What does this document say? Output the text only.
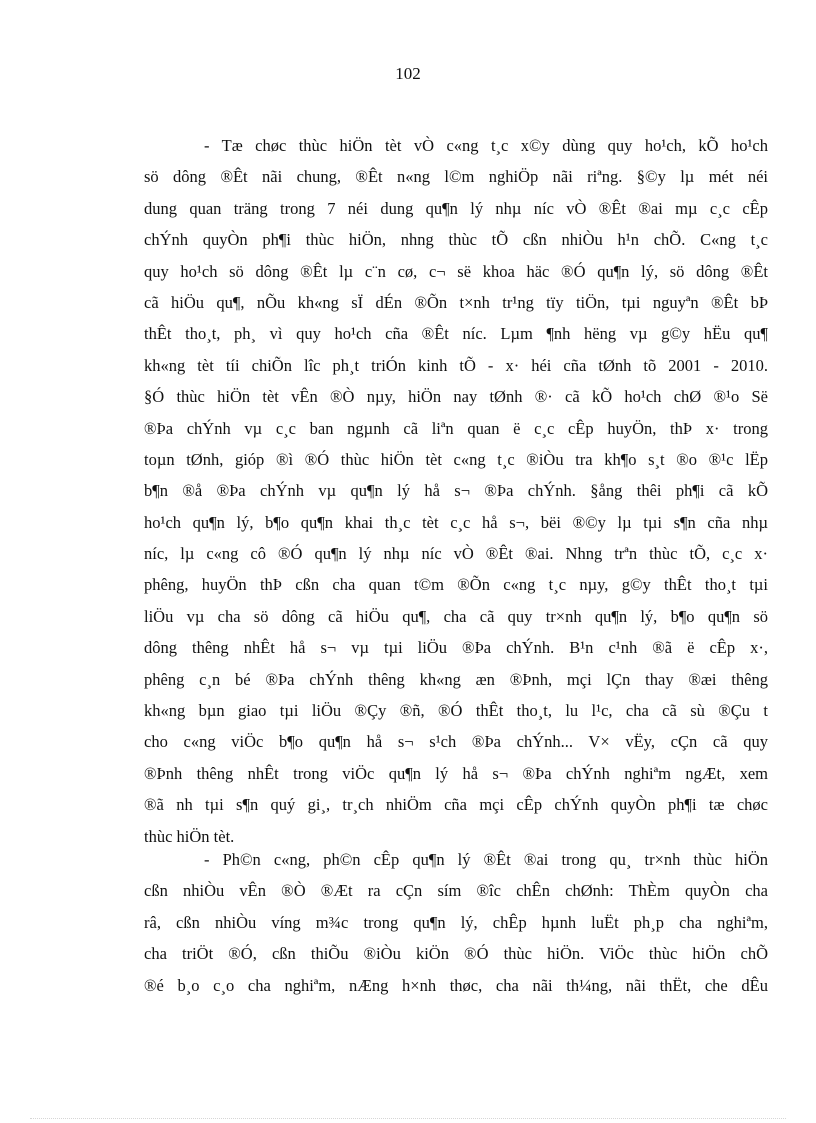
102
- Tæ chøc thùc hiÖn tèt vÒ c«ng t¸c x©y dùng quy ho¹ch, kÕ ho¹ch
sö dông ®Êt nãi chung, ®Êt n«ng l©m nghiÖp nãi riªng. §©y lµ mét néi
dung quan träng trong 7 néi dung qu¶n lý nhµ níc vÒ ®Êt ®ai mµ c¸c cÊp
chÝnh quyÒn ph¶i thùc hiÖn, nhng thùc tÕ cßn nhiÒu h¹n chÕ. C«ng t¸c
quy ho¹ch sö dông ®Êt lµ c¨n cø, c¬ së khoa häc ®Ó qu¶n lý, sö dông ®Êt
cã hiÖu qu¶, nÕu kh«ng sÏ dÉn ®Õn t×nh tr¹ng tïy tiÖn, tµi nguyªn ®Êt bÞ
thÊt tho¸t, ph¸ vì quy ho¹ch cña ®Êt níc. Lµm ¶nh hëng vµ g©y hËu qu¶
kh«ng tèt tíi chiÕn lîc ph¸t triÓn kinh tÕ - x· héi cña tØnh tõ 2001 - 2010.
§Ó thùc hiÖn tèt vÊn ®Ò nµy, hiÖn nay tØnh ®· cã kÕ ho¹ch chØ ®¹o Së
®Þa chÝnh vµ c¸c ban ngµnh cã liªn quan ë c¸c cÊp huyÖn, thÞ x· trong
toµn tØnh, gióp ®ì ®Ó thùc hiÖn tèt c«ng t¸c ®iÒu tra kh¶o s¸t ®o ®¹c lËp
b¶n ®å ®Þa chÝnh vµ qu¶n lý hå s¬ ®Þa chÝnh. §ång thêi ph¶i cã kÕ
ho¹ch qu¶n lý, b¶o qu¶n khai th¸c tèt c¸c hå s¬, bëi ®©y lµ tµi s¶n cña nhµ
níc, lµ c«ng cô ®Ó qu¶n lý nhµ níc vÒ ®Êt ®ai. Nhng trªn thùc tÕ, c¸c x·
phêng, huyÖn thÞ cßn cha quan t©m ®Õn c«ng t¸c nµy, g©y thÊt tho¸t tµi
liÖu vµ cha sö dông cã hiÖu qu¶, cha cã quy tr×nh qu¶n lý, b¶o qu¶n sö
dông thêng nhÊt hå s¬ vµ tµi liÖu ®Þa chÝnh. B¹n c¹nh ®ã ë cÊp x·,
phêng c¸n bé ®Þa chÝnh thêng kh«ng æn ®Þnh, mçi lÇn thay ®æi thêng
kh«ng bµn giao tµi liÖu ®Çy ®ñ, ®Ó thÊt tho¸t, lu l¹c, cha cã sù ®Çu t
cho c«ng viÖc b¶o qu¶n hå s¬ s¹ch ®Þa chÝnh... V× vËy, cÇn cã quy
®Þnh thêng nhÊt trong viÖc qu¶n lý hå s¬ ®Þa chÝnh nghiªm ngÆt, xem
®ã nh tµi s¶n quý gi¸, tr¸ch nhiÖm cña mçi cÊp chÝnh quyÒn ph¶i tæ chøc
thùc hiÖn tèt.
- Ph©n c«ng, ph©n cÊp qu¶n lý ®Êt ®ai trong qu¸ tr×nh thùc hiÖn
cßn nhiÒu vÊn ®Ò ®Æt ra cÇn sím ®îc chÊn chØnh: ThÈm quyÒn cha
râ, cßn nhiÒu víng m¾c trong qu¶n lý, chÊp hµnh luËt ph¸p cha nghiªm,
cha triÖt ®Ó, cßn thiÕu ®iÒu kiÖn ®Ó thùc hiÖn. ViÖc thùc hiÖn chÕ
®é b¸o c¸o cha nghiªm, nÆng h×nh thøc, cha nãi th¼ng, nãi thËt, che dÊu
